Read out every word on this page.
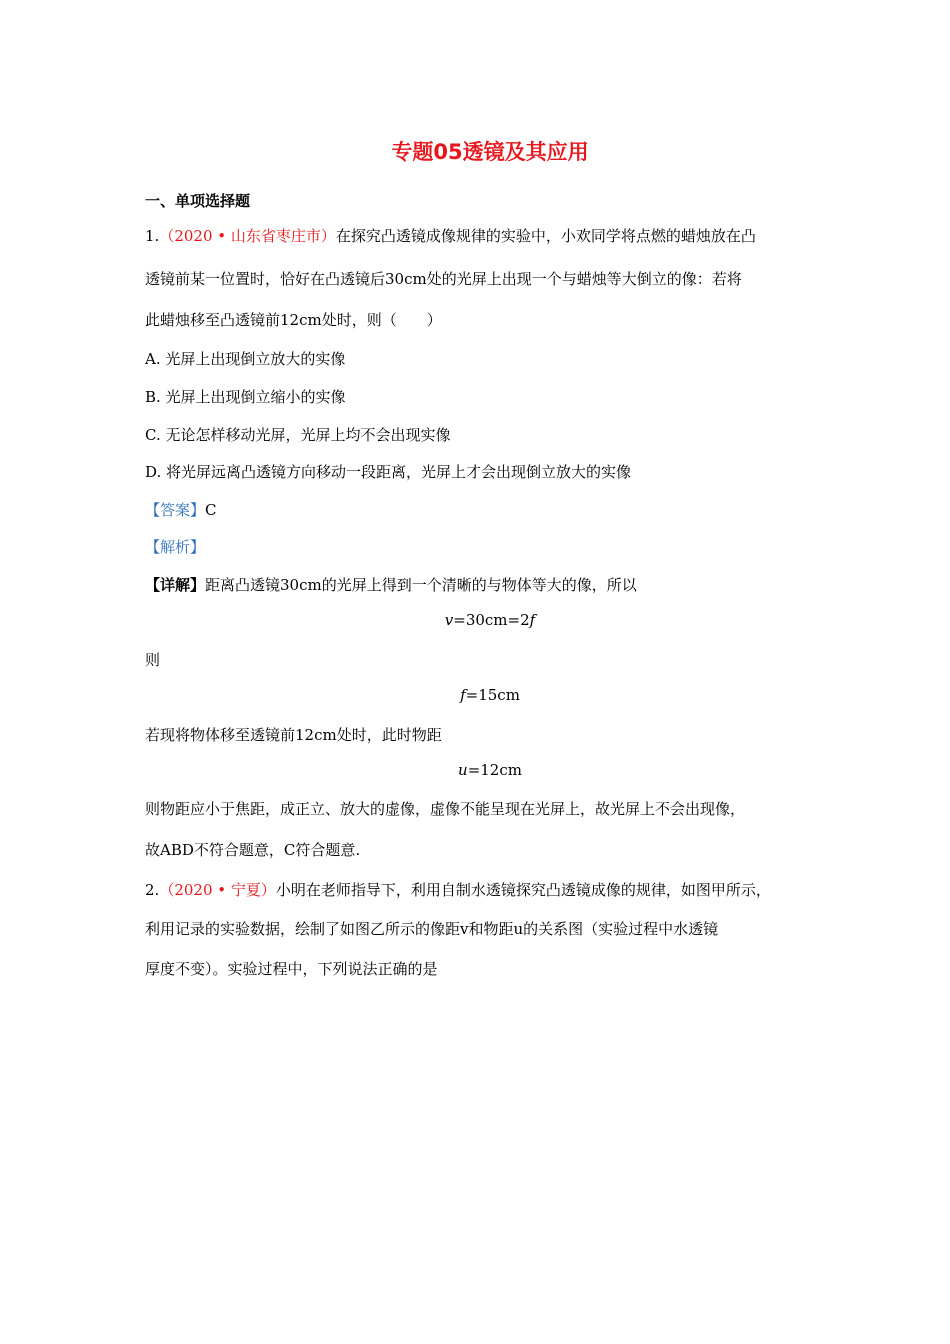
专题05透镜及其应用
一、单项选择题
1.（2020 • 山东省枣庄市）在探究凸透镜成像规律的实验中，小欢同学将点燃的蜡烛放在凸
透镜前某一位置时，恰好在凸透镜后30cm处的光屏上出现一个与蜡烛等大倒立的像：若将
此蜡烛移至凸透镜前12cm处时，则（　　）
A. 光屏上出现倒立放大的实像
B. 光屏上出现倒立缩小的实像
C. 无论怎样移动光屏，光屏上均不会出现实像
D. 将光屏远离凸透镜方向移动一段距离，光屏上才会出现倒立放大的实像
【答案】C
【解析】
【详解】距离凸透镜30cm的光屏上得到一个清晰的与物体等大的像，所以
v=30cm=2f
则
f=15cm
若现将物体移至透镜前12cm处时，此时物距
u=12cm
则物距应小于焦距，成正立、放大的虚像，虚像不能呈现在光屏上，故光屏上不会出现像，
故ABD不符合题意，C符合题意.
2.（2020 • 宁夏）小明在老师指导下，利用自制水透镜探究凸透镜成像的规律，如图甲所示，
利用记录的实验数据，绘制了如图乙所示的像距v和物距u的关系图（实验过程中水透镜
厚度不变）。实验过程中，下列说法正确的是
